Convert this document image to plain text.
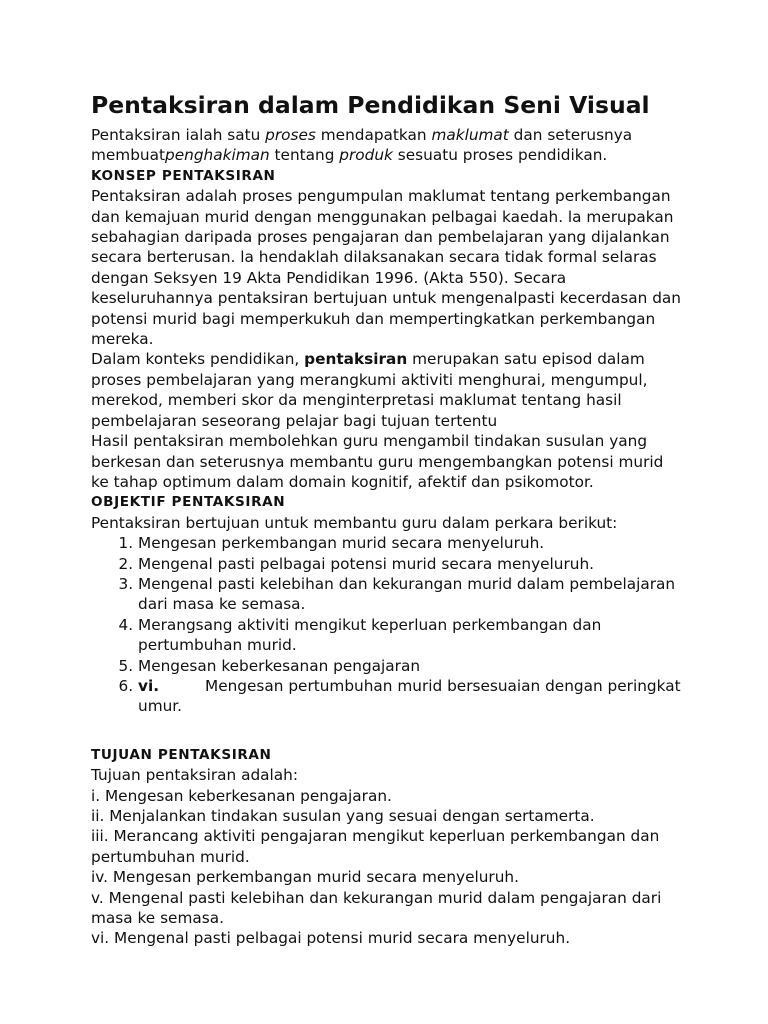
Pentaksiran dalam Pendidikan Seni Visual

Pentaksiran ialah satu proses mendapatkan maklumat dan seterusnya membuatpenghakiman tentang produk sesuatu proses pendidikan.

KONSEP PENTAKSIRAN

Pentaksiran adalah proses pengumpulan maklumat tentang perkembangan dan kemajuan murid dengan menggunakan pelbagai kaedah. la merupakan sebahagian daripada proses pengajaran dan pembelajaran yang dijalankan secara berterusan. la hendaklah dilaksanakan secara tidak formal selaras dengan Seksyen 19 Akta Pendidikan 1996. (Akta 550). Secara keseluruhannya pentaksiran bertujuan untuk mengenalpasti kecerdasan dan potensi murid bagi memperkukuh dan mempertingkatkan perkembangan mereka.

Dalam konteks pendidikan, pentaksiran merupakan satu episod dalam proses pembelajaran yang merangkumi aktiviti menghurai, mengumpul, merekod, memberi skor da menginterpretasi maklumat tentang hasil pembelajaran seseorang pelajar bagi tujuan tertentu

Hasil pentaksiran membolehkan guru mengambil tindakan susulan yang berkesan dan seterusnya membantu guru mengembangkan potensi murid

ke tahap optimum dalam domain kognitif, afektif dan psikomotor.

OBJEKTIF PENTAKSIRAN

Pentaksiran bertujuan untuk membantu guru dalam perkara berikut:

1. Mengesan perkembangan murid secara menyeluruh.
2. Mengenal pasti pelbagai potensi murid secara menyeluruh.
3. Mengenal pasti kelebihan dan kekurangan murid dalam pembelajaran dari masa ke semasa.
4. Merangsang aktiviti mengikut keperluan perkembangan dan pertumbuhan murid.
5. Mengesan keberkesanan pengajaran
6. vi.	Mengesan pertumbuhan murid bersesuaian dengan peringkat umur.
TUJUAN PENTAKSIRAN

Tujuan pentaksiran adalah:

i. Mengesan keberkesanan pengajaran.

ii. Menjalankan tindakan susulan yang sesuai dengan sertamerta.

iii. Merancang aktiviti pengajaran mengikut keperluan perkembangan dan pertumbuhan murid.

iv. Mengesan perkembangan murid secara menyeluruh.

v. Mengenal pasti kelebihan dan kekurangan murid dalam pengajaran dari masa ke semasa.

vi. Mengenal pasti pelbagai potensi murid secara menyeluruh.
